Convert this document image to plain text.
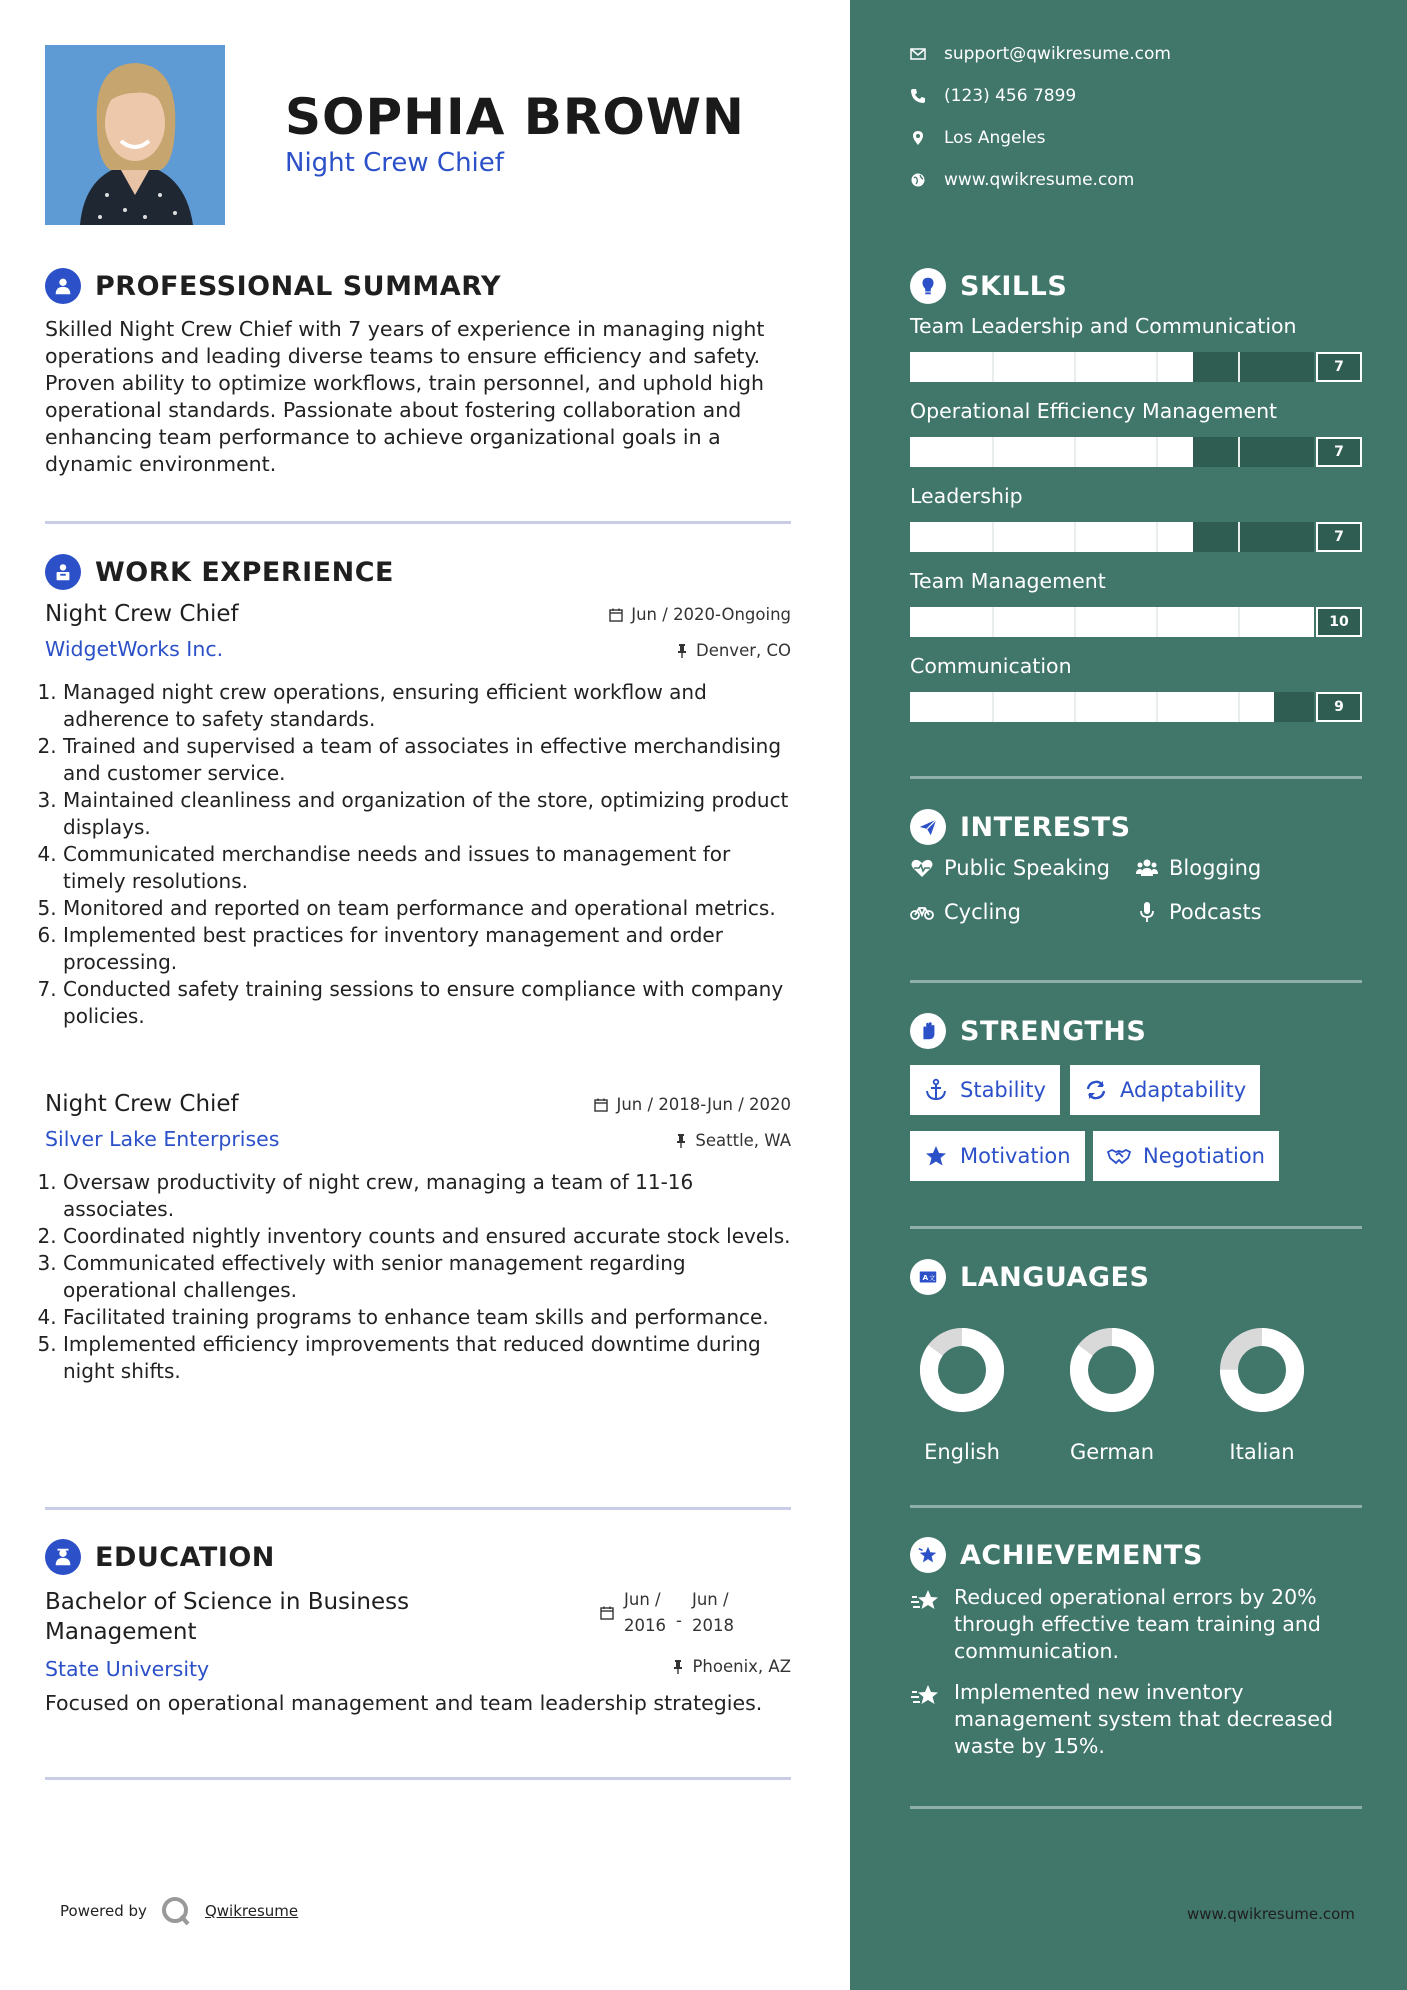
SOPHIA BROWN
Night Crew Chief
PROFESSIONAL SUMMARY
Skilled Night Crew Chief with 7 years of experience in managing night operations and leading diverse teams to ensure efficiency and safety. Proven ability to optimize workflows, train personnel, and uphold high operational standards. Passionate about fostering collaboration and enhancing team performance to achieve organizational goals in a dynamic environment.
WORK EXPERIENCE
Night Crew Chief
WidgetWorks Inc.
Jun / 2020-Ongoing
Denver, CO
1. Managed night crew operations, ensuring efficient workflow and adherence to safety standards.
2. Trained and supervised a team of associates in effective merchandising and customer service.
3. Maintained cleanliness and organization of the store, optimizing product displays.
4. Communicated merchandise needs and issues to management for timely resolutions.
5. Monitored and reported on team performance and operational metrics.
6. Implemented best practices for inventory management and order processing.
7. Conducted safety training sessions to ensure compliance with company policies.
Night Crew Chief
Silver Lake Enterprises
Jun / 2018-Jun / 2020
Seattle, WA
1. Oversaw productivity of night crew, managing a team of 11-16 associates.
2. Coordinated nightly inventory counts and ensured accurate stock levels.
3. Communicated effectively with senior management regarding operational challenges.
4. Facilitated training programs to enhance team skills and performance.
5. Implemented efficiency improvements that reduced downtime during night shifts.
EDUCATION
Bachelor of Science in Business Management
State University
Focused on operational management and team leadership strategies.
Jun /
2016 -
Jun /
2018
Phoenix, AZ
Powered by	Qwikresume
support@qwikresume.com
(123) 456 7899
Los Angeles
www.qwikresume.com
SKILLS
Team Leadership and Communication
7
Operational Efficiency Management
7
Leadership
7
Team Management
10
Communication
9
INTERESTS
Public Speaking	Blogging
Cycling	Podcasts
STRENGTHS
Stability	Adaptability
Motivation	Negotiation
A 文 LANGUAGES
English	German	Italian
ACHIEVEMENTS
Reduced operational errors by 20% through effective team training and communication.
Implemented new inventory management system that decreased waste by 15%.
www.qwikresume.com
